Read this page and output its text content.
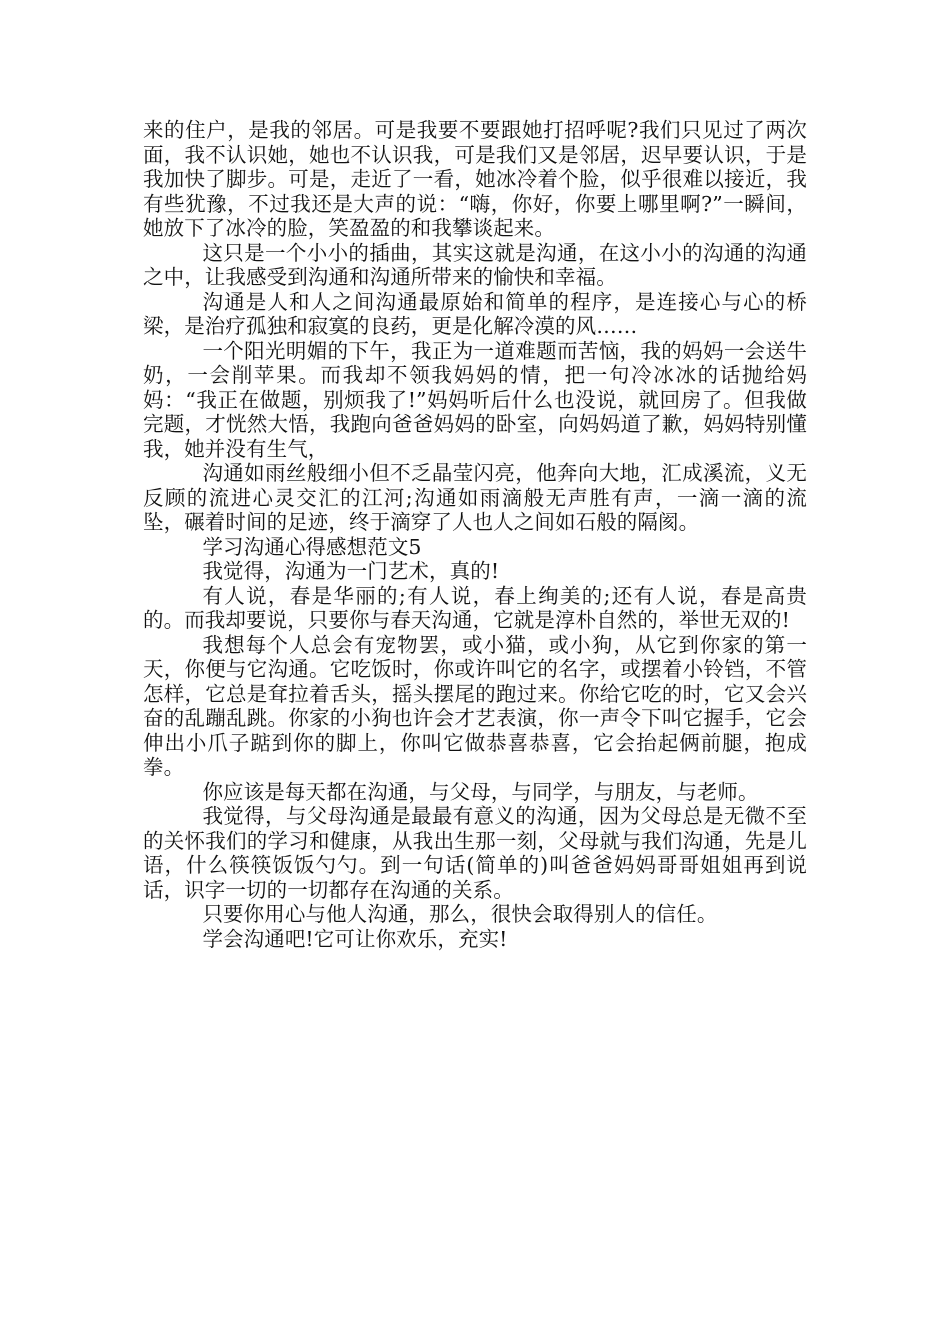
来的住户，是我的邻居。可是我要不要跟她打招呼呢?我们只见过了两次面，我不认识她，她也不认识我，可是我们又是邻居，迟早要认识，于是我加快了脚步。可是，走近了一看，她冰冷着个脸，似乎很难以接近，我有些犹豫，不过我还是大声的说：“嗨，你好，你要上哪里啊?”一瞬间，她放下了冰冷的脸，笑盈盈的和我攀谈起来。

这只是一个小小的插曲，其实这就是沟通，在这小小的沟通的沟通之中，让我感受到沟通和沟通所带来的愉快和幸福。

沟通是人和人之间沟通最原始和简单的程序，是连接心与心的桥梁，是治疗孤独和寂寞的良药，更是化解冷漠的风……

一个阳光明媚的下午，我正为一道难题而苦恼，我的妈妈一会送牛奶，一会削苹果。而我却不领我妈妈的情，把一句冷冰冰的话抛给妈妈：“我正在做题，别烦我了!”妈妈听后什么也没说，就回房了。但我做完题，才恍然大悟，我跑向爸爸妈妈的卧室，向妈妈道了歉，妈妈特别懂我，她并没有生气，

沟通如雨丝般细小但不乏晶莹闪亮，他奔向大地，汇成溪流，义无反顾的流进心灵交汇的江河;沟通如雨滴般无声胜有声，一滴一滴的流坠，碾着时间的足迹，终于滴穿了人也人之间如石般的隔阂。

学习沟通心得感想范文5

我觉得，沟通为一门艺术，真的!

有人说，春是华丽的;有人说，春上绚美的;还有人说，春是高贵的。而我却要说，只要你与春天沟通，它就是淳朴自然的，举世无双的!

我想每个人总会有宠物罢，或小猫，或小狗，从它到你家的第一天，你便与它沟通。它吃饭时，你或许叫它的名字，或摆着小铃铛，不管怎样，它总是耷拉着舌头，摇头摆尾的跑过来。你给它吃的时，它又会兴奋的乱蹦乱跳。你家的小狗也许会才艺表演，你一声令下叫它握手，它会伸出小爪子踮到你的脚上，你叫它做恭喜恭喜，它会抬起俩前腿，抱成拳。

你应该是每天都在沟通，与父母，与同学，与朋友，与老师。

我觉得，与父母沟通是最最有意义的沟通，因为父母总是无微不至的关怀我们的学习和健康，从我出生那一刻，父母就与我们沟通，先是儿语，什么筷筷饭饭勺勺。到一句话(简单的)叫爸爸妈妈哥哥姐姐再到说话，识字一切的一切都存在沟通的关系。

只要你用心与他人沟通，那么，很快会取得别人的信任。

学会沟通吧!它可让你欢乐，充实!
